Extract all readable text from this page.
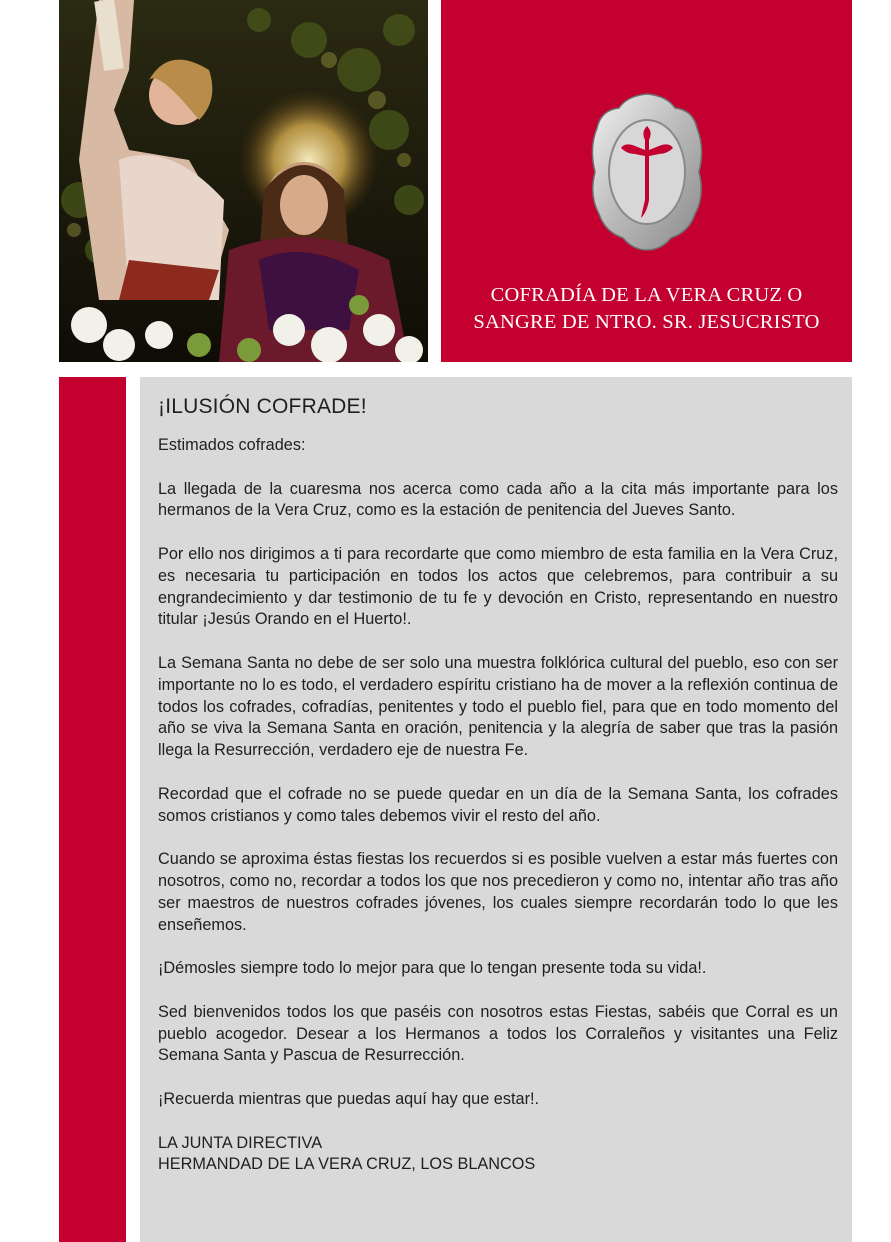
COFRADÍA DE LA VERA CRUZ O
SANGRE DE NTRO. SR. JESUCRISTO
¡ILUSIÓN COFRADE!

Estimados cofrades:

La llegada de la cuaresma nos acerca como cada año a la cita más importante para los hermanos de la Vera Cruz, como es la estación de penitencia del Jueves Santo.

Por ello nos dirigimos a ti para recordarte que como miembro de esta familia en la Vera Cruz, es necesaria tu participación en todos los actos que celebremos, para contribuir a su engrandecimiento y dar testimonio de tu fe y devoción en Cristo, representando en nuestro titular ¡Jesús Orando en el Huerto!.

La Semana Santa no debe de ser solo una muestra folklórica cultural del pueblo, eso con ser importante no lo es todo, el verdadero espíritu cristiano ha de mover a la reflexión continua de todos los cofrades, cofradías, penitentes y todo el pueblo fiel, para que en todo momento del año se viva la Semana Santa en oración, penitencia y la alegría de saber que tras la pasión llega la Resurrección, verdadero eje de nuestra Fe.

Recordad que el cofrade no se puede quedar en un día de la Semana Santa, los cofrades somos cristianos y como tales debemos vivir el resto del año.

Cuando se aproxima éstas fiestas los recuerdos si es posible vuelven a estar más fuertes con nosotros, como no, recordar a todos los que nos precedieron y como no, intentar año tras año ser maestros de nuestros cofrades jóvenes, los cuales siempre recordarán todo lo que les enseñemos.

¡Démosles siempre todo lo mejor para que lo tengan presente toda su vida!.

Sed bienvenidos todos los que paséis con nosotros estas Fiestas, sabéis que Corral es un pueblo acogedor. Desear a los Hermanos a todos los Corraleños y visitantes una Feliz Semana Santa y Pascua de Resurrección.

¡Recuerda mientras que puedas aquí hay que estar!.

LA JUNTA DIRECTIVA
HERMANDAD DE LA VERA CRUZ, LOS BLANCOS
